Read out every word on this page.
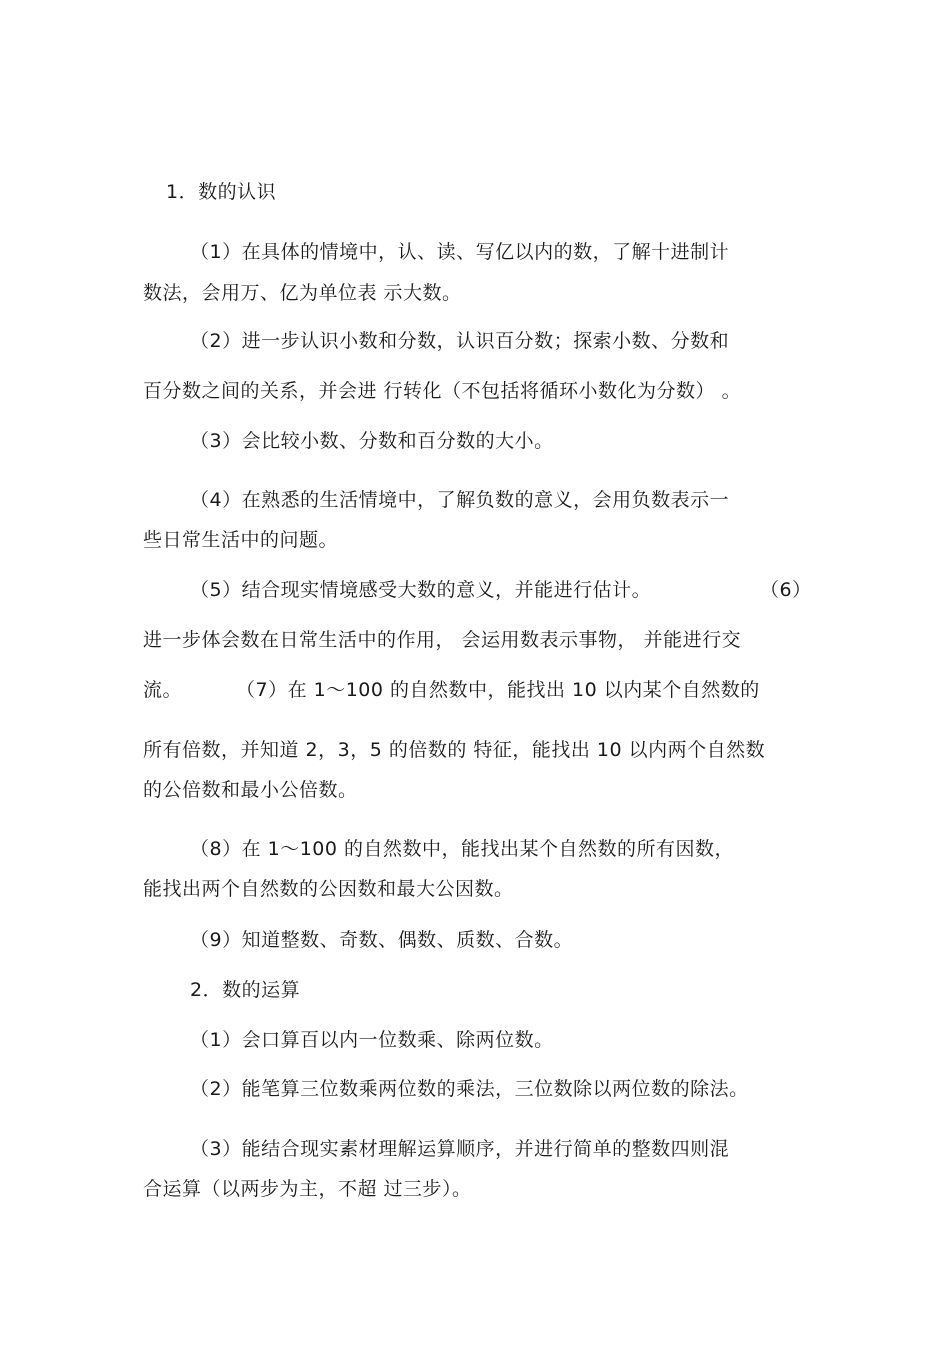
1．数的认识
（1）在具体的情境中，认、读、写亿以内的数，了解十进制计
数法，会用万、亿为单位表 示大数。
（2）进一步认识小数和分数，认识百分数；探索小数、分数和
百分数之间的关系，并会进 行转化（不包括将循环小数化为分数） 。
（3）会比较小数、分数和百分数的大小。
（4）在熟悉的生活情境中，了解负数的意义，会用负数表示一
些日常生活中的问题。
（5）结合现实情境感受大数的意义，并能进行估计。	（6）
进一步体会数在日常生活中的作用， 会运用数表示事物， 并能进行交
流。	（7）在 1～100 的自然数中，能找出 10 以内某个自然数的
所有倍数，并知道 2，3，5 的倍数的 特征，能找出 10 以内两个自然数
的公倍数和最小公倍数。
（8）在 1～100 的自然数中，能找出某个自然数的所有因数，
能找出两个自然数的公因数和最大公因数。
（9）知道整数、奇数、偶数、质数、合数。
2．数的运算
（1）会口算百以内一位数乘、除两位数。
（2）能笔算三位数乘两位数的乘法，三位数除以两位数的除法。
（3）能结合现实素材理解运算顺序，并进行简单的整数四则混
合运算（以两步为主，不超 过三步）。
